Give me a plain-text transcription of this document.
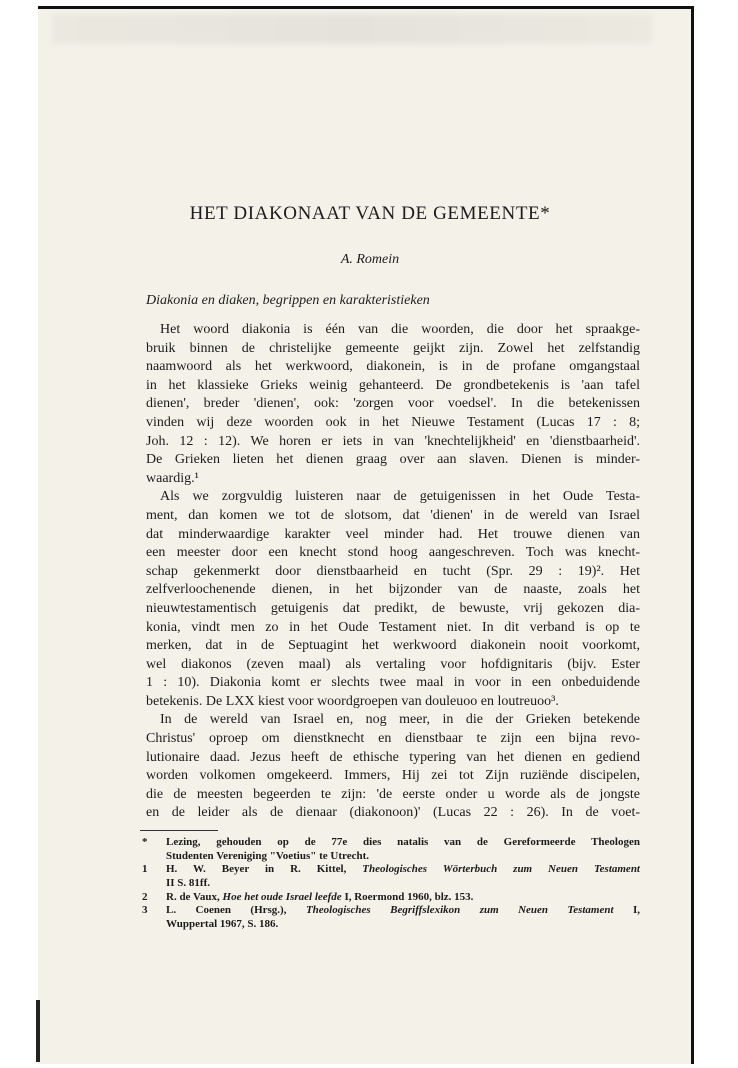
HET DIAKONAAT VAN DE GEMEENTE*

A. Romein

Diakonia en diaken, begrippen en karakteristieken

Het woord diakonia is één van die woorden, die door het spraakge-
bruik binnen de christelijke gemeente geijkt zijn. Zowel het zelfstandig
naamwoord als het werkwoord, diakonein, is in de profane omgangstaal
in het klassieke Grieks weinig gehanteerd. De grondbetekenis is 'aan tafel
dienen', breder 'dienen', ook: 'zorgen voor voedsel'. In die betekenissen
vinden wij deze woorden ook in het Nieuwe Testament (Lucas 17 : 8;
Joh. 12 : 12). We horen er iets in van 'knechtelijkheid' en 'dienstbaarheid'.
De Grieken lieten het dienen graag over aan slaven. Dienen is minder-
waardig.¹
Als we zorgvuldig luisteren naar de getuigenissen in het Oude Testa-
ment, dan komen we tot de slotsom, dat 'dienen' in de wereld van Israel
dat minderwaardige karakter veel minder had. Het trouwe dienen van
een meester door een knecht stond hoog aangeschreven. Toch was knecht-
schap gekenmerkt door dienstbaarheid en tucht (Spr. 29 : 19)². Het
zelfverloochenende dienen, in het bijzonder van de naaste, zoals het
nieuwtestamentisch getuigenis dat predikt, de bewuste, vrij gekozen dia-
konia, vindt men zo in het Oude Testament niet. In dit verband is op te
merken, dat in de Septuagint het werkwoord diakonein nooit voorkomt,
wel diakonos (zeven maal) als vertaling voor hofdignitaris (bijv. Ester
1 : 10). Diakonia komt er slechts twee maal in voor in een onbeduidende
betekenis. De LXX kiest voor woordgroepen van douleuoo en loutreuoo³.
In de wereld van Israel en, nog meer, in die der Grieken betekende
Christus' oproep om dienstknecht en dienstbaar te zijn een bijna revo-
lutionaire daad. Jezus heeft de ethische typering van het dienen en gediend
worden volkomen omgekeerd. Immers, Hij zei tot Zijn ruziënde discipelen,
die de meesten begeerden te zijn: 'de eerste onder u worde als de jongste
en de leider als de dienaar (diakonoon)' (Lucas 22 : 26). In de voet-
*	Lezing, gehouden op de 77e dies natalis van de Gereformeerde Theologen
Studenten Vereniging "Voetius" te Utrecht.
1	H. W. Beyer in R. Kittel, Theologisches Wörterbuch zum Neuen Testament
II S. 81ff.
2	R. de Vaux, Hoe het oude Israel leefde I, Roermond 1960, blz. 153.
3	L. Coenen (Hrsg.), Theologisches Begriffslexikon zum Neuen Testament I,
Wuppertal 1967, S. 186.
